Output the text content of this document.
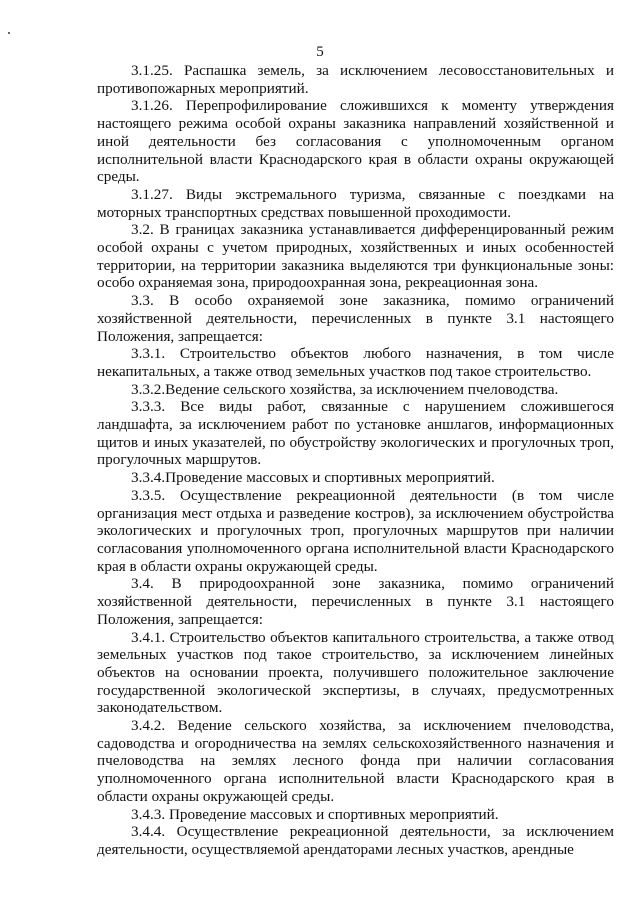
5

3.1.25. Распашка земель, за исключением лесовосстановительных и противопожарных мероприятий.

3.1.26. Перепрофилирование сложившихся к моменту утверждения настоящего режима особой охраны заказника направлений хозяйственной и иной деятельности без согласования с уполномоченным органом исполнительной власти Краснодарского края в области охраны окружающей среды.

3.1.27. Виды экстремального туризма, связанные с поездками на моторных транспортных средствах повышенной проходимости.

3.2. В границах заказника устанавливается дифференцированный режим особой охраны с учетом природных, хозяйственных и иных особенностей территории, на территории заказника выделяются три функциональные зоны: особо охраняемая зона, природоохранная зона, рекреационная зона.

3.3. В особо охраняемой зоне заказника, помимо ограничений хозяйственной деятельности, перечисленных в пункте 3.1 настоящего Положения, запрещается:

3.3.1. Строительство объектов любого назначения, в том числе некапитальных, а также отвод земельных участков под такое строительство.

3.3.2.Ведение сельского хозяйства, за исключением пчеловодства.

3.3.3. Все виды работ, связанные с нарушением сложившегося ландшафта, за исключением работ по установке аншлагов, информационных щитов и иных указателей, по обустройству экологических и прогулочных троп, прогулочных маршрутов.

3.3.4.Проведение массовых и спортивных мероприятий.

3.3.5. Осуществление рекреационной деятельности (в том числе организация мест отдыха и разведение костров), за исключением обустройства экологических и прогулочных троп, прогулочных маршрутов при наличии согласования уполномоченного органа исполнительной власти Краснодарского края в области охраны окружающей среды.

3.4. В природоохранной зоне заказника, помимо ограничений хозяйственной деятельности, перечисленных в пункте 3.1 настоящего Положения, запрещается:

3.4.1. Строительство объектов капитального строительства, а также отвод земельных участков под такое строительство, за исключением линейных объектов на основании проекта, получившего положительное заключение государственной экологической экспертизы, в случаях, предусмотренных законодательством.

3.4.2. Ведение сельского хозяйства, за исключением пчеловодства, садоводства и огородничества на землях сельскохозяйственного назначения и пчеловодства на землях лесного фонда при наличии согласования уполномоченного органа исполнительной власти Краснодарского края в области охраны окружающей среды.

3.4.3. Проведение массовых и спортивных мероприятий.

3.4.4. Осуществление рекреационной деятельности, за исключением деятельности, осуществляемой арендаторами лесных участков, арендные
